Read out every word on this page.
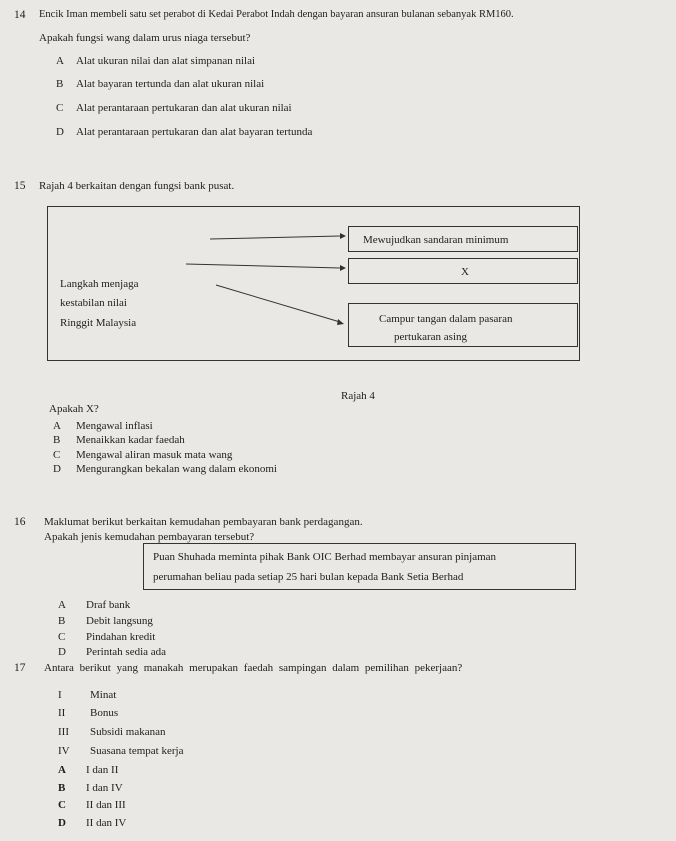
14 Encik Iman membeli satu set perabot di Kedai Perabot Indah dengan bayaran ansuran bulanan sebanyak RM160.
Apakah fungsi wang dalam urus niaga tersebut?
A Alat ukuran nilai dan alat simpanan nilai
B Alat bayaran tertunda dan alat ukuran nilai
C Alat perantaraan pertukaran dan alat ukuran nilai
D Alat perantaraan pertukaran dan alat bayaran tertunda
15 Rajah 4 berkaitan dengan fungsi bank pusat.
Langkah menjaga
kestabilan nilai
Ringgit Malaysia
Mewujudkan sandaran minimum
X
Campur tangan dalam pasaran
pertukaran asing
Rajah 4
Apakah X?
A Mengawal inflasi
B Menaikkan kadar faedah
C Mengawal aliran masuk mata wang
D Mengurangkan bekalan wang dalam ekonomi
16 Maklumat berikut berkaitan kemudahan pembayaran bank perdagangan.
Apakah jenis kemudahan pembayaran tersebut?
Puan Shuhada meminta pihak Bank OIC Berhad membayar ansuran pinjaman
perumahan beliau pada setiap 25 hari bulan kepada Bank Setia Berhad
A Draf bank
B Debit langsung
C Pindahan kredit
D Perintah sedia ada
17 Antara berikut yang manakah merupakan faedah sampingan dalam pemilihan pekerjaan?
I	Minat
II Bonus
III Subsidi makanan
IV Suasana tempat kerja
A I dan II
B I dan IV
C II dan III
D II dan IV
